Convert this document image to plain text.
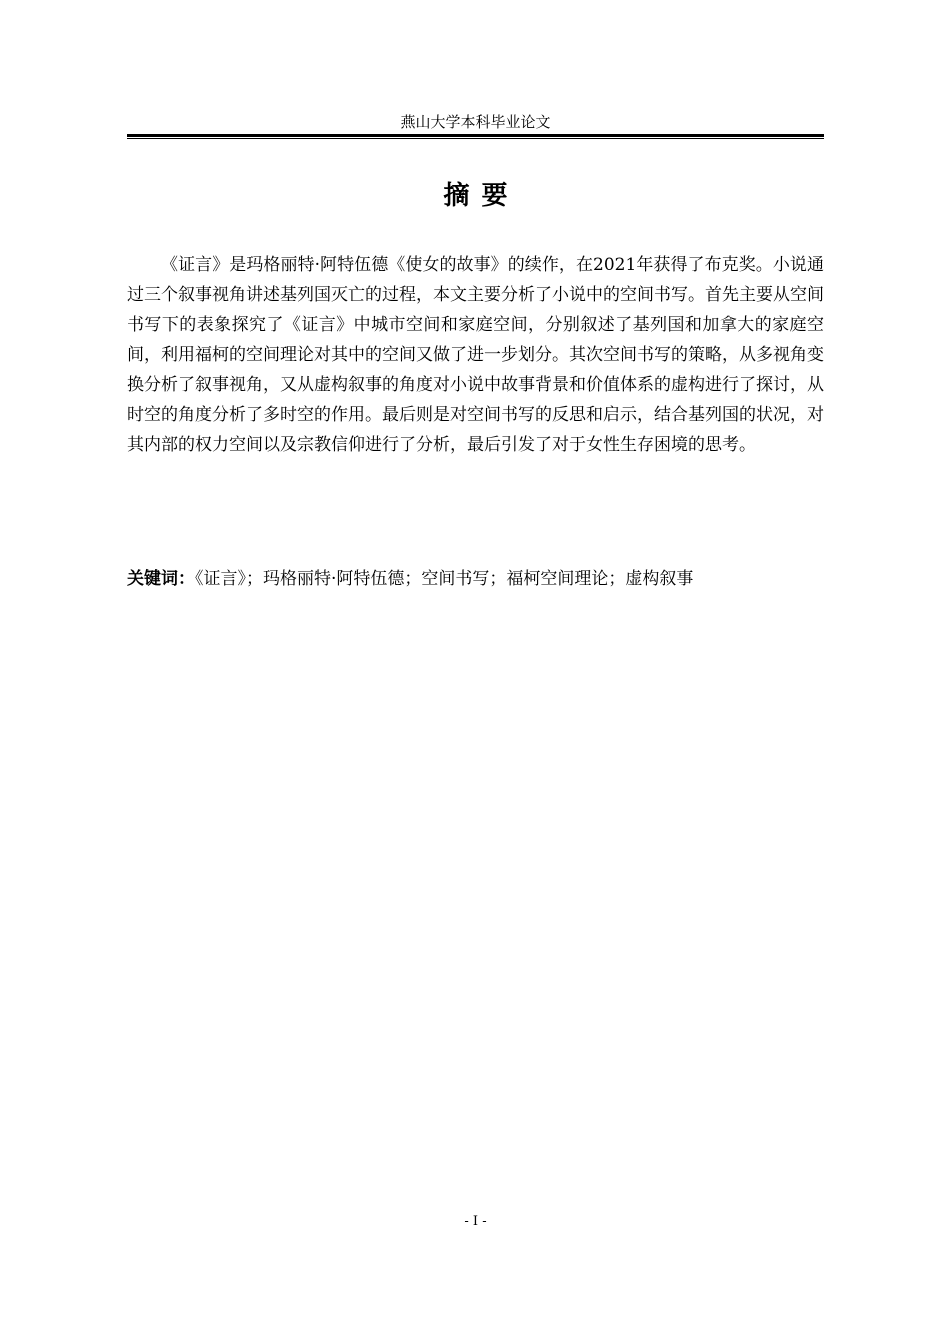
燕山大学本科毕业论文
摘要

《证言》是玛格丽特·阿特伍德《使女的故事》的续作，在2021年获得了布克奖。小说通过三个叙事视角讲述基列国灭亡的过程，本文主要分析了小说中的空间书写。首先主要从空间书写下的表象探究了《证言》中城市空间和家庭空间，分别叙述了基列国和加拿大的家庭空间，利用福柯的空间理论对其中的空间又做了进一步划分。其次空间书写的策略，从多视角变换分析了叙事视角，又从虚构叙事的角度对小说中故事背景和价值体系的虚构进行了探讨，从时空的角度分析了多时空的作用。最后则是对空间书写的反思和启示，结合基列国的状况，对其内部的权力空间以及宗教信仰进行了分析，最后引发了对于女性生存困境的思考。

关键词：《证言》；玛格丽特·阿特伍德；空间书写；福柯空间理论；虚构叙事

- I -
